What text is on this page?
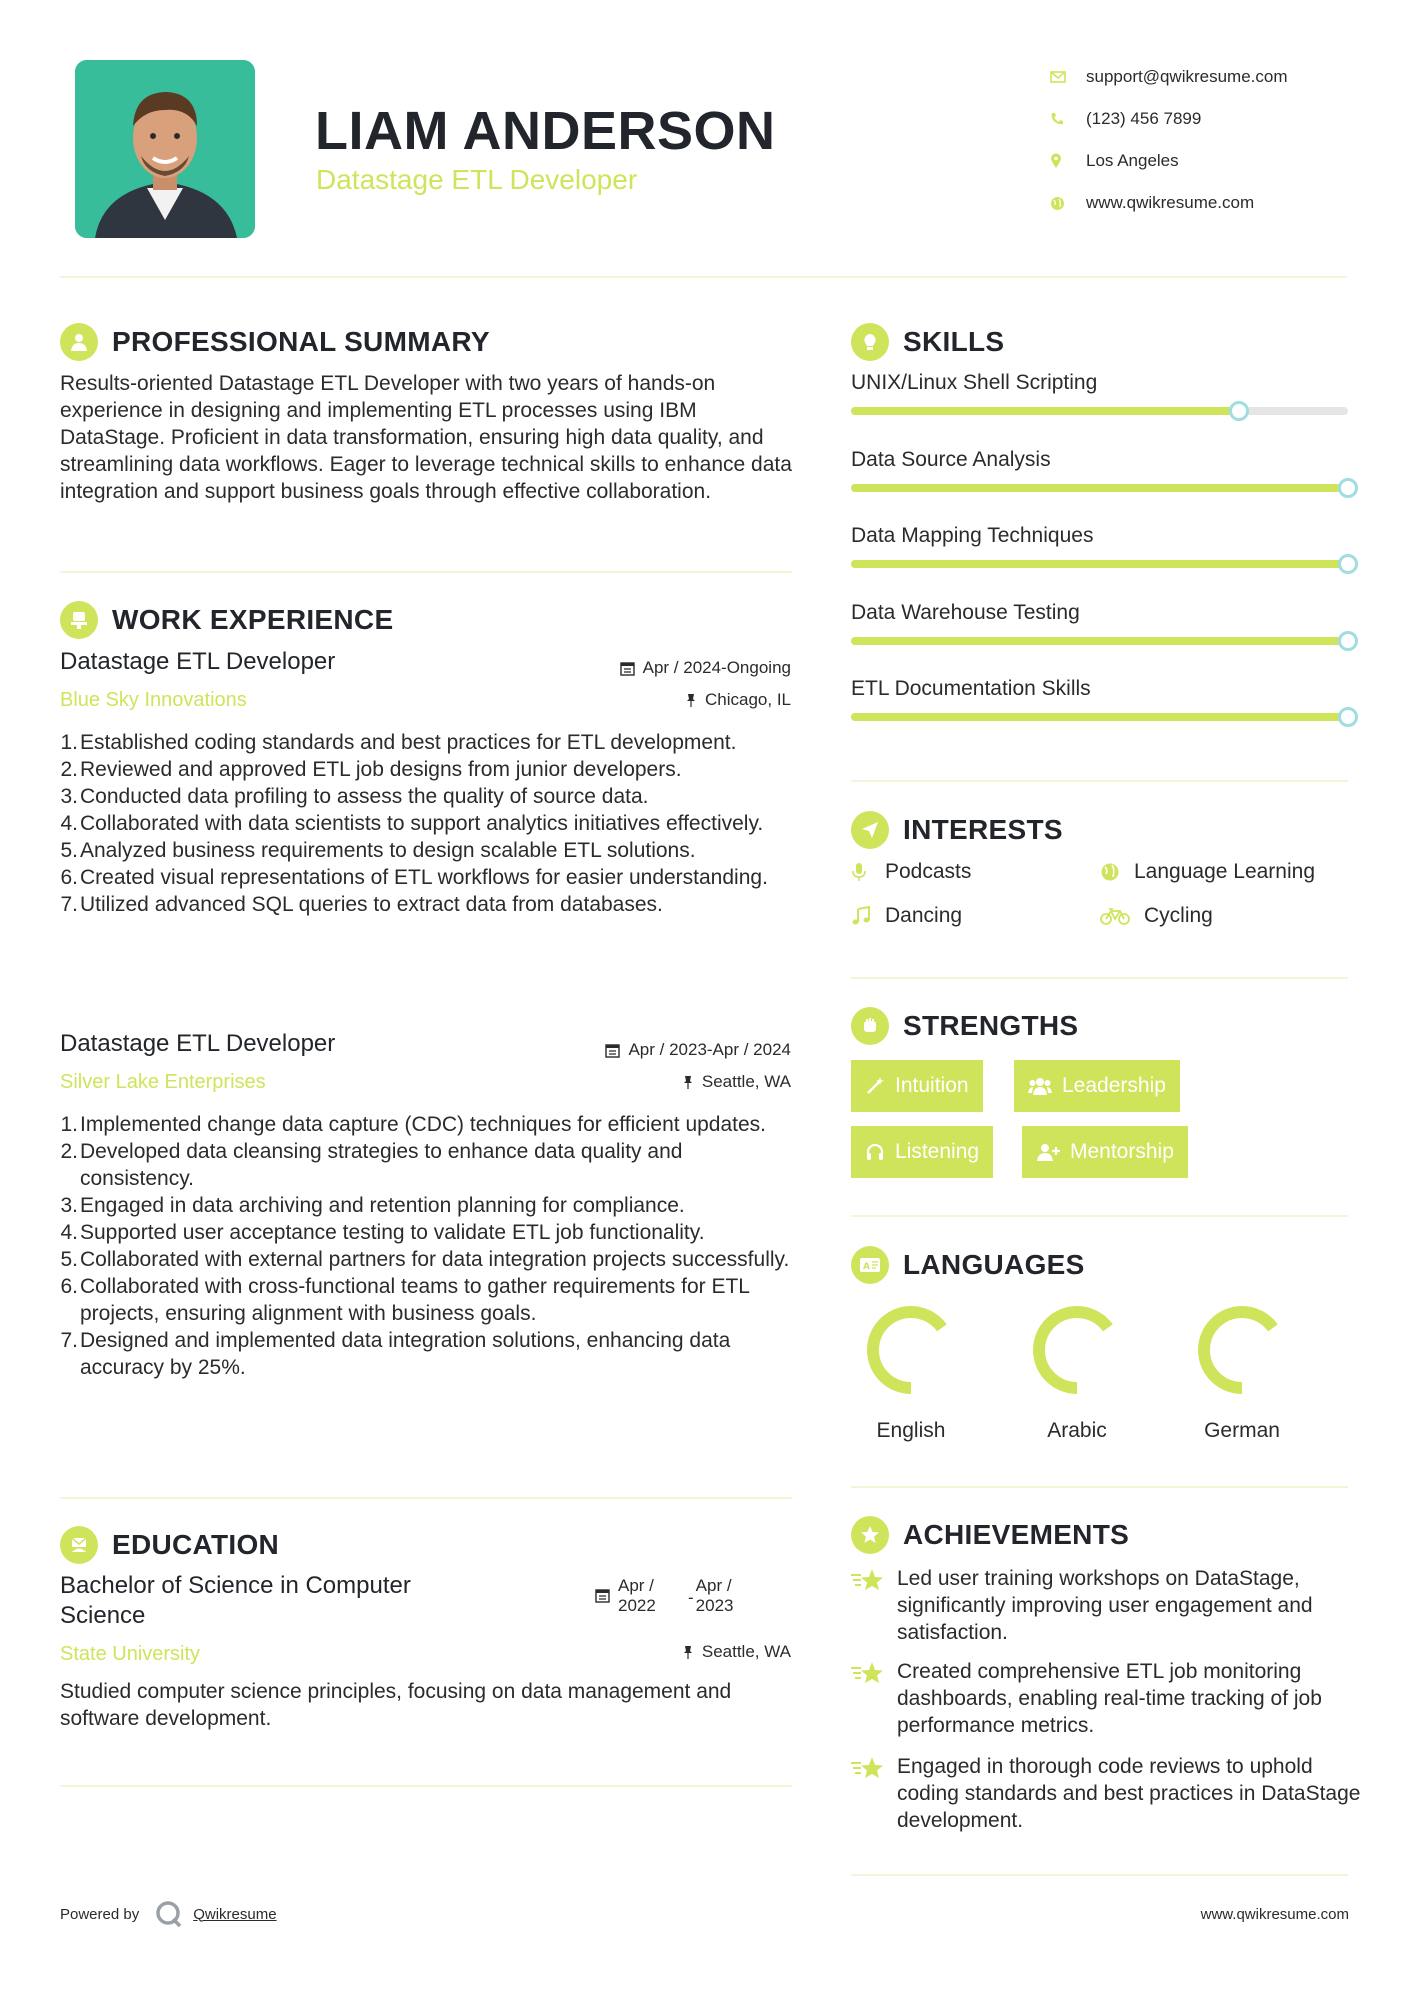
LIAM ANDERSON
Datastage ETL Developer
support@qwikresume.com
(123) 456 7899
Los Angeles
www.qwikresume.com
PROFESSIONAL SUMMARY
Results-oriented Datastage ETL Developer with two years of hands-on experience in designing and implementing ETL processes using IBM DataStage. Proficient in data transformation, ensuring high data quality, and streamlining data workflows. Eager to leverage technical skills to enhance data integration and support business goals through effective collaboration.
WORK EXPERIENCE
Datastage ETL Developer
Blue Sky Innovations
Apr / 2024-Ongoing
Chicago, IL
1. Established coding standards and best practices for ETL development.
2. Reviewed and approved ETL job designs from junior developers.
3. Conducted data profiling to assess the quality of source data.
4. Collaborated with data scientists to support analytics initiatives effectively.
5. Analyzed business requirements to design scalable ETL solutions.
6. Created visual representations of ETL workflows for easier understanding.
7. Utilized advanced SQL queries to extract data from databases.
Datastage ETL Developer
Silver Lake Enterprises
Apr / 2023-Apr / 2024
Seattle, WA
1. Implemented change data capture (CDC) techniques for efficient updates.
2. Developed data cleansing strategies to enhance data quality and consistency.
3. Engaged in data archiving and retention planning for compliance.
4. Supported user acceptance testing to validate ETL job functionality.
5. Collaborated with external partners for data integration projects successfully.
6. Collaborated with cross-functional teams to gather requirements for ETL projects, ensuring alignment with business goals.
7. Designed and implemented data integration solutions, enhancing data accuracy by 25%.
EDUCATION
Bachelor of Science in Computer
Science
State University
Apr /
2022	-
Apr /
2023
Seattle, WA
Studied computer science principles, focusing on data management and software development.
SKILLS
UNIX/Linux Shell Scripting
Data Source Analysis
Data Mapping Techniques
Data Warehouse Testing
ETL Documentation Skills
INTERESTS
Podcasts	Language Learning
Dancing	Cycling
STRENGTHS
Intuition	Leadership
Listening	Mentorship
A LANGUAGES
English	Arabic	German
ACHIEVEMENTS
Led user training workshops on DataStage, significantly improving user engagement and satisfaction.
Created comprehensive ETL job monitoring dashboards, enabling real-time tracking of job performance metrics.
Engaged in thorough code reviews to uphold coding standards and best practices in DataStage development.
Powered by	Qwikresume	www.qwikresume.com
